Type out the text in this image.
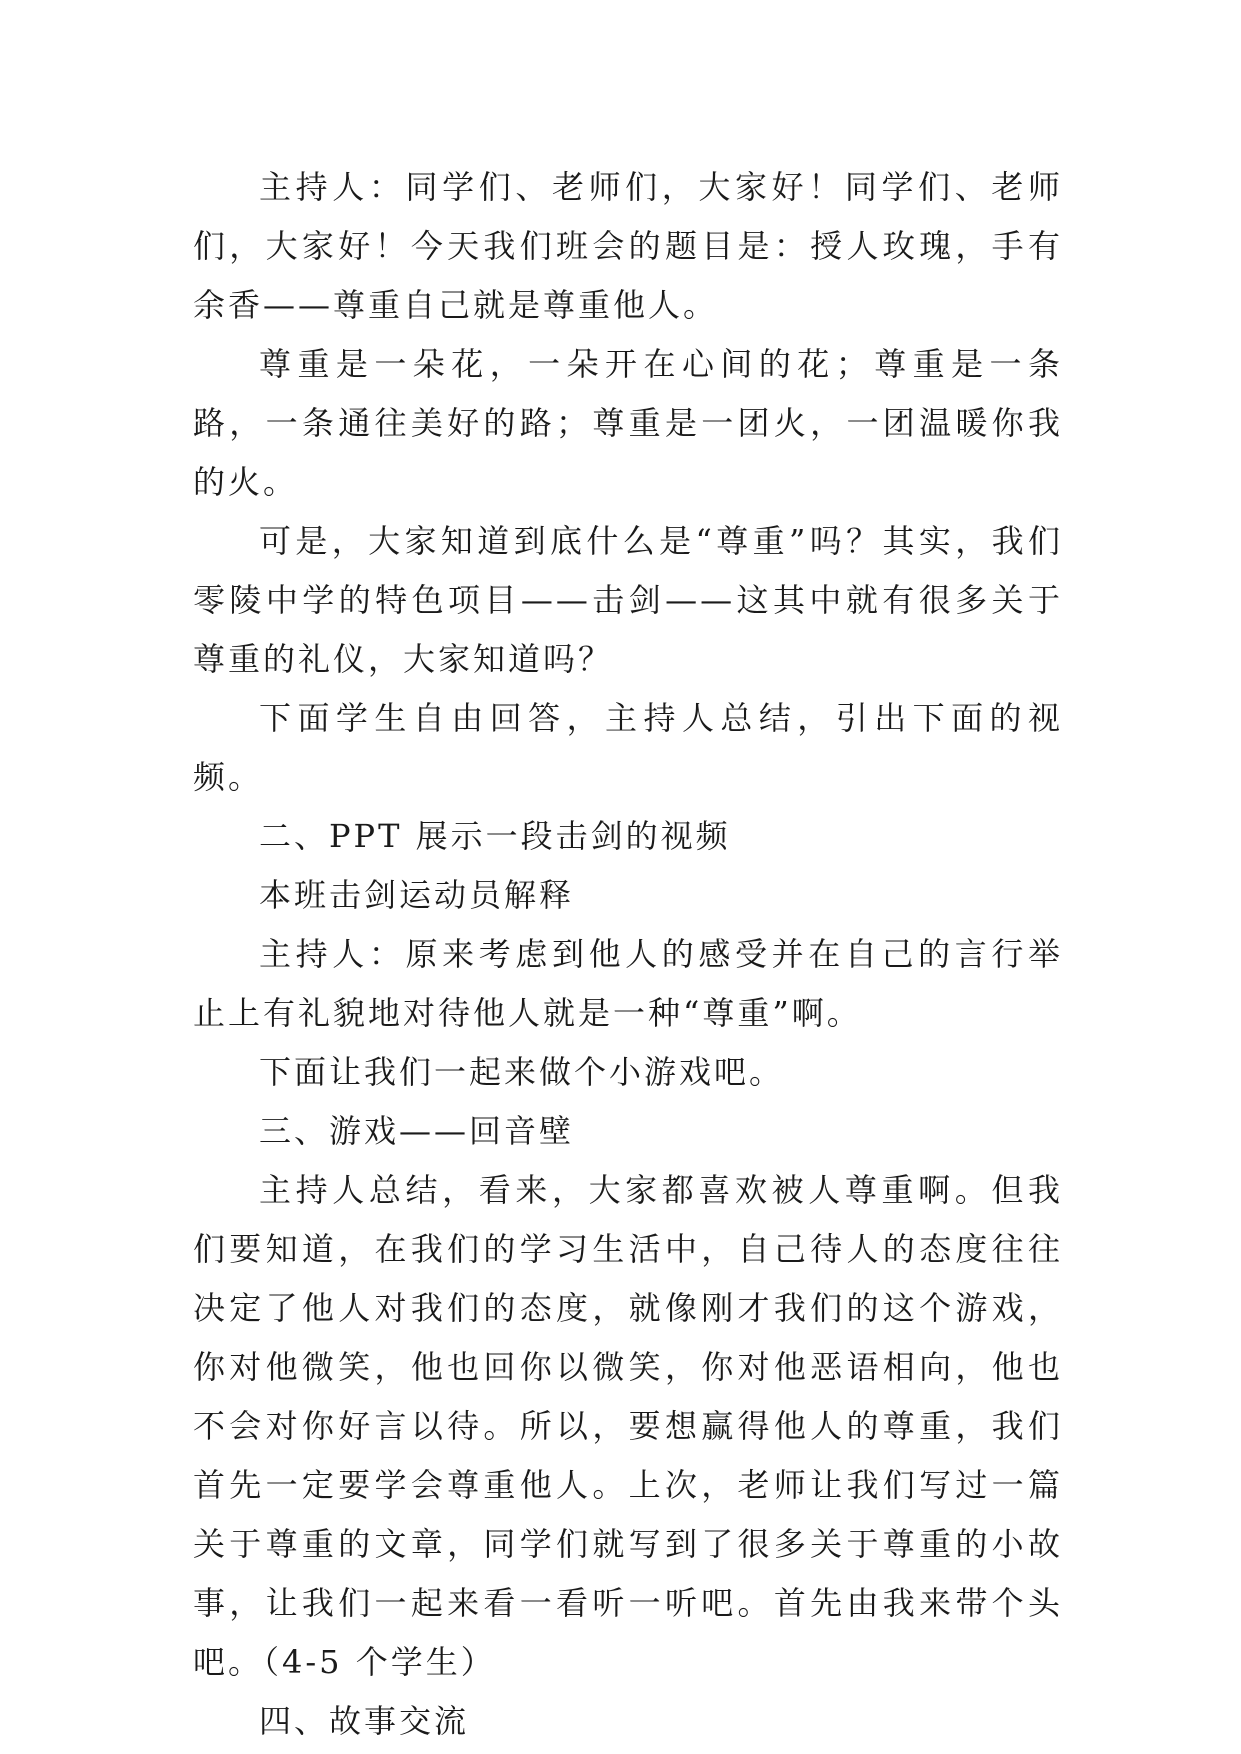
主持人：同学们、老师们，大家好！同学们、老师们，大家好！今天我们班会的题目是：授人玫瑰，手有余香——尊重自己就是尊重他人。

尊重是一朵花，一朵开在心间的花；尊重是一条路，一条通往美好的路；尊重是一团火，一团温暖你我的火。

可是，大家知道到底什么是“尊重”吗？其实，我们零陵中学的特色项目——击剑——这其中就有很多关于尊重的礼仪，大家知道吗？

下面学生自由回答，主持人总结，引出下面的视频。

二、PPT 展示一段击剑的视频

本班击剑运动员解释

主持人：原来考虑到他人的感受并在自己的言行举止上有礼貌地对待他人就是一种“尊重”啊。

下面让我们一起来做个小游戏吧。

三、游戏——回音壁

主持人总结，看来，大家都喜欢被人尊重啊。但我们要知道，在我们的学习生活中，自己待人的态度往往决定了他人对我们的态度，就像刚才我们的这个游戏，你对他微笑，他也回你以微笑，你对他恶语相向，他也不会对你好言以待。所以，要想赢得他人的尊重，我们首先一定要学会尊重他人。上次，老师让我们写过一篇关于尊重的文章，同学们就写到了很多关于尊重的小故事，让我们一起来看一看听一听吧。首先由我来带个头吧。（4-5 个学生）

四、故事交流
